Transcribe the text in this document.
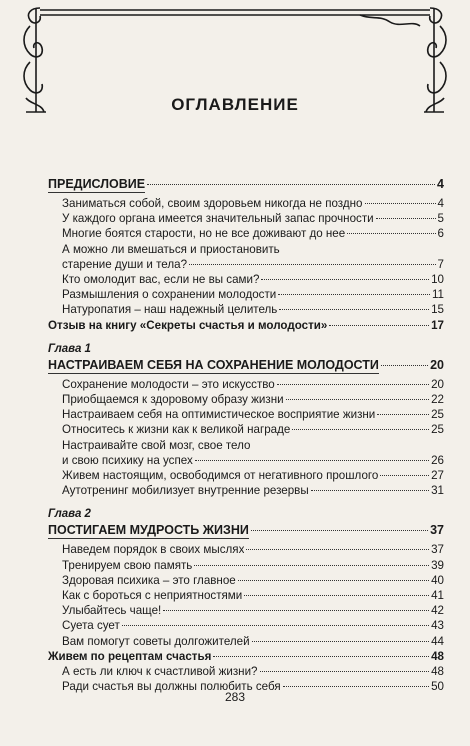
ОГЛАВЛЕНИЕ
ПРЕДИСЛОВИЕ	4
Заниматься собой, своим здоровьем никогда не поздно	4
У каждого органа имеется значительный запас прочности	5
Многие боятся старости, но не все доживают до нее	6
А можно ли вмешаться и приостановить
старение души и тела?	7
Кто омолодит вас, если не вы сами?	10
Размышления о сохранении молодости	11
Натуропатия – наш надежный целитель	15
Отзыв на книгу «Секреты счастья и молодости»	17
Глава 1
НАСТРАИВАЕМ СЕБЯ НА СОХРАНЕНИЕ МОЛОДОСТИ	20
Сохранение молодости – это искусство	20
Приобщаемся к здоровому образу жизни	22
Настраиваем себя на оптимистическое восприятие жизни	25
Относитесь к жизни как к великой награде	25
Настраивайте свой мозг, свое тело
и свою психику на успех	26
Живем настоящим, освободимся от негативного прошлого	27
Аутотренинг мобилизует внутренние резервы	31
Глава 2
ПОСТИГАЕМ МУДРОСТЬ ЖИЗНИ	37
Наведем порядок в своих мыслях	37
Тренируем свою память	39
Здоровая психика – это главное	40
Как с бороться с неприятностями	41
Улыбайтесь чаще!	42
Суета сует	43
Вам помогут советы долгожителей	44
Живем по рецептам счастья	48
А есть ли ключ к счастливой жизни?	48
Ради счастья вы должны полюбить себя	50
283
